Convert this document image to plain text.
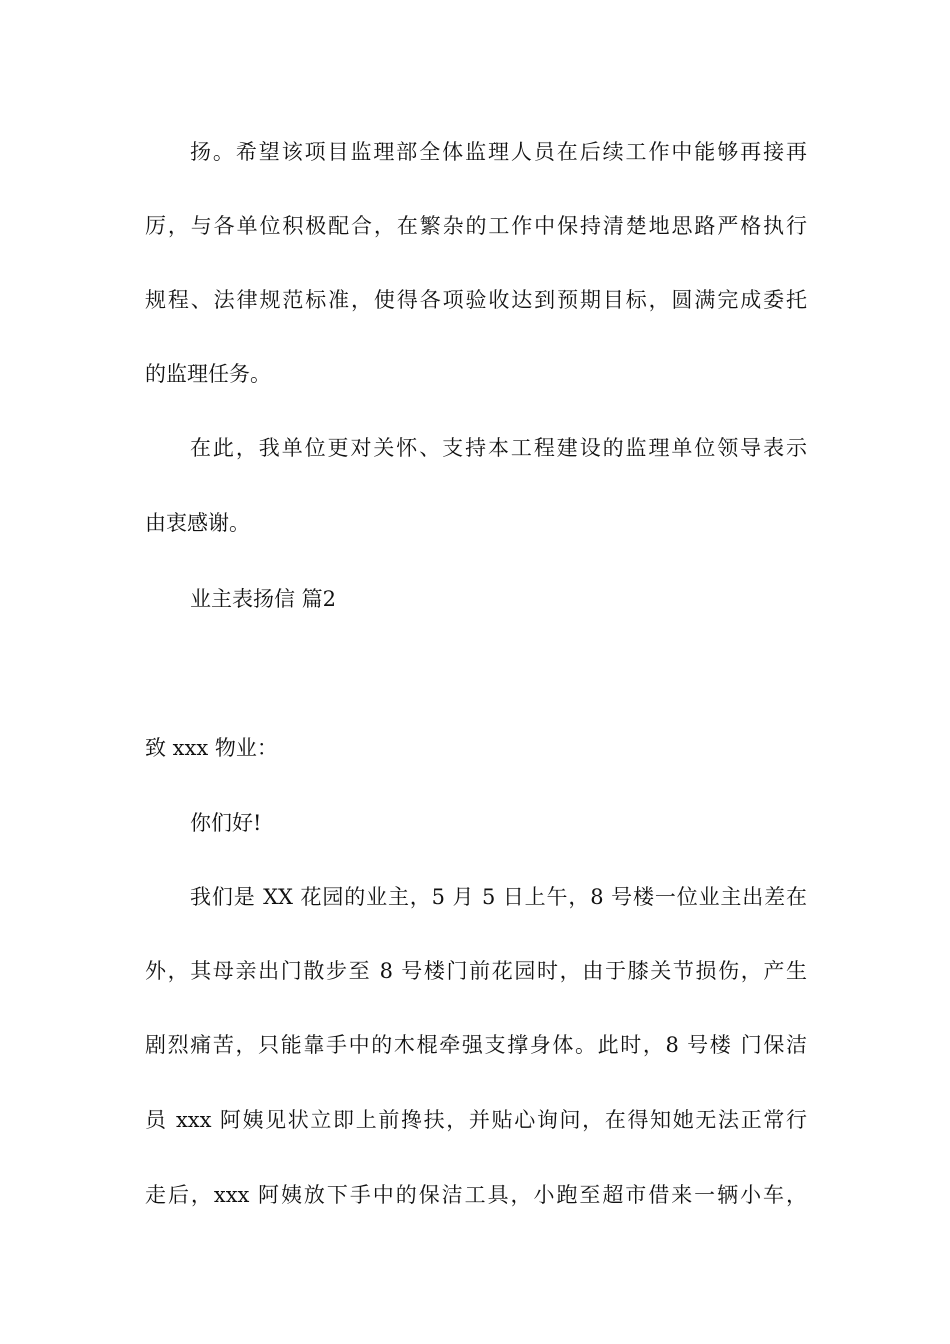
扬。希望该项目监理部全体监理人员在后续工作中能够再接再
厉，与各单位积极配合，在繁杂的工作中保持清楚地思路严格执行
规程、法律规范标准，使得各项验收达到预期目标，圆满完成委托
的监理任务。
在此，我单位更对关怀、支持本工程建设的监理单位领导表示
由衷感谢。
业主表扬信 篇2
致 xxx 物业：
你们好!
我们是 XX 花园的业主，5 月 5 日上午，8 号楼一位业主出差在
外，其母亲出门散步至 8 号楼门前花园时，由于膝关节损伤，产生
剧烈痛苦，只能靠手中的木棍牵强支撑身体。此时，8 号楼 门保洁
员 xxx 阿姨见状立即上前搀扶，并贴心询问，在得知她无法正常行
走后，xxx 阿姨放下手中的保洁工具，小跑至超市借来一辆小车，
